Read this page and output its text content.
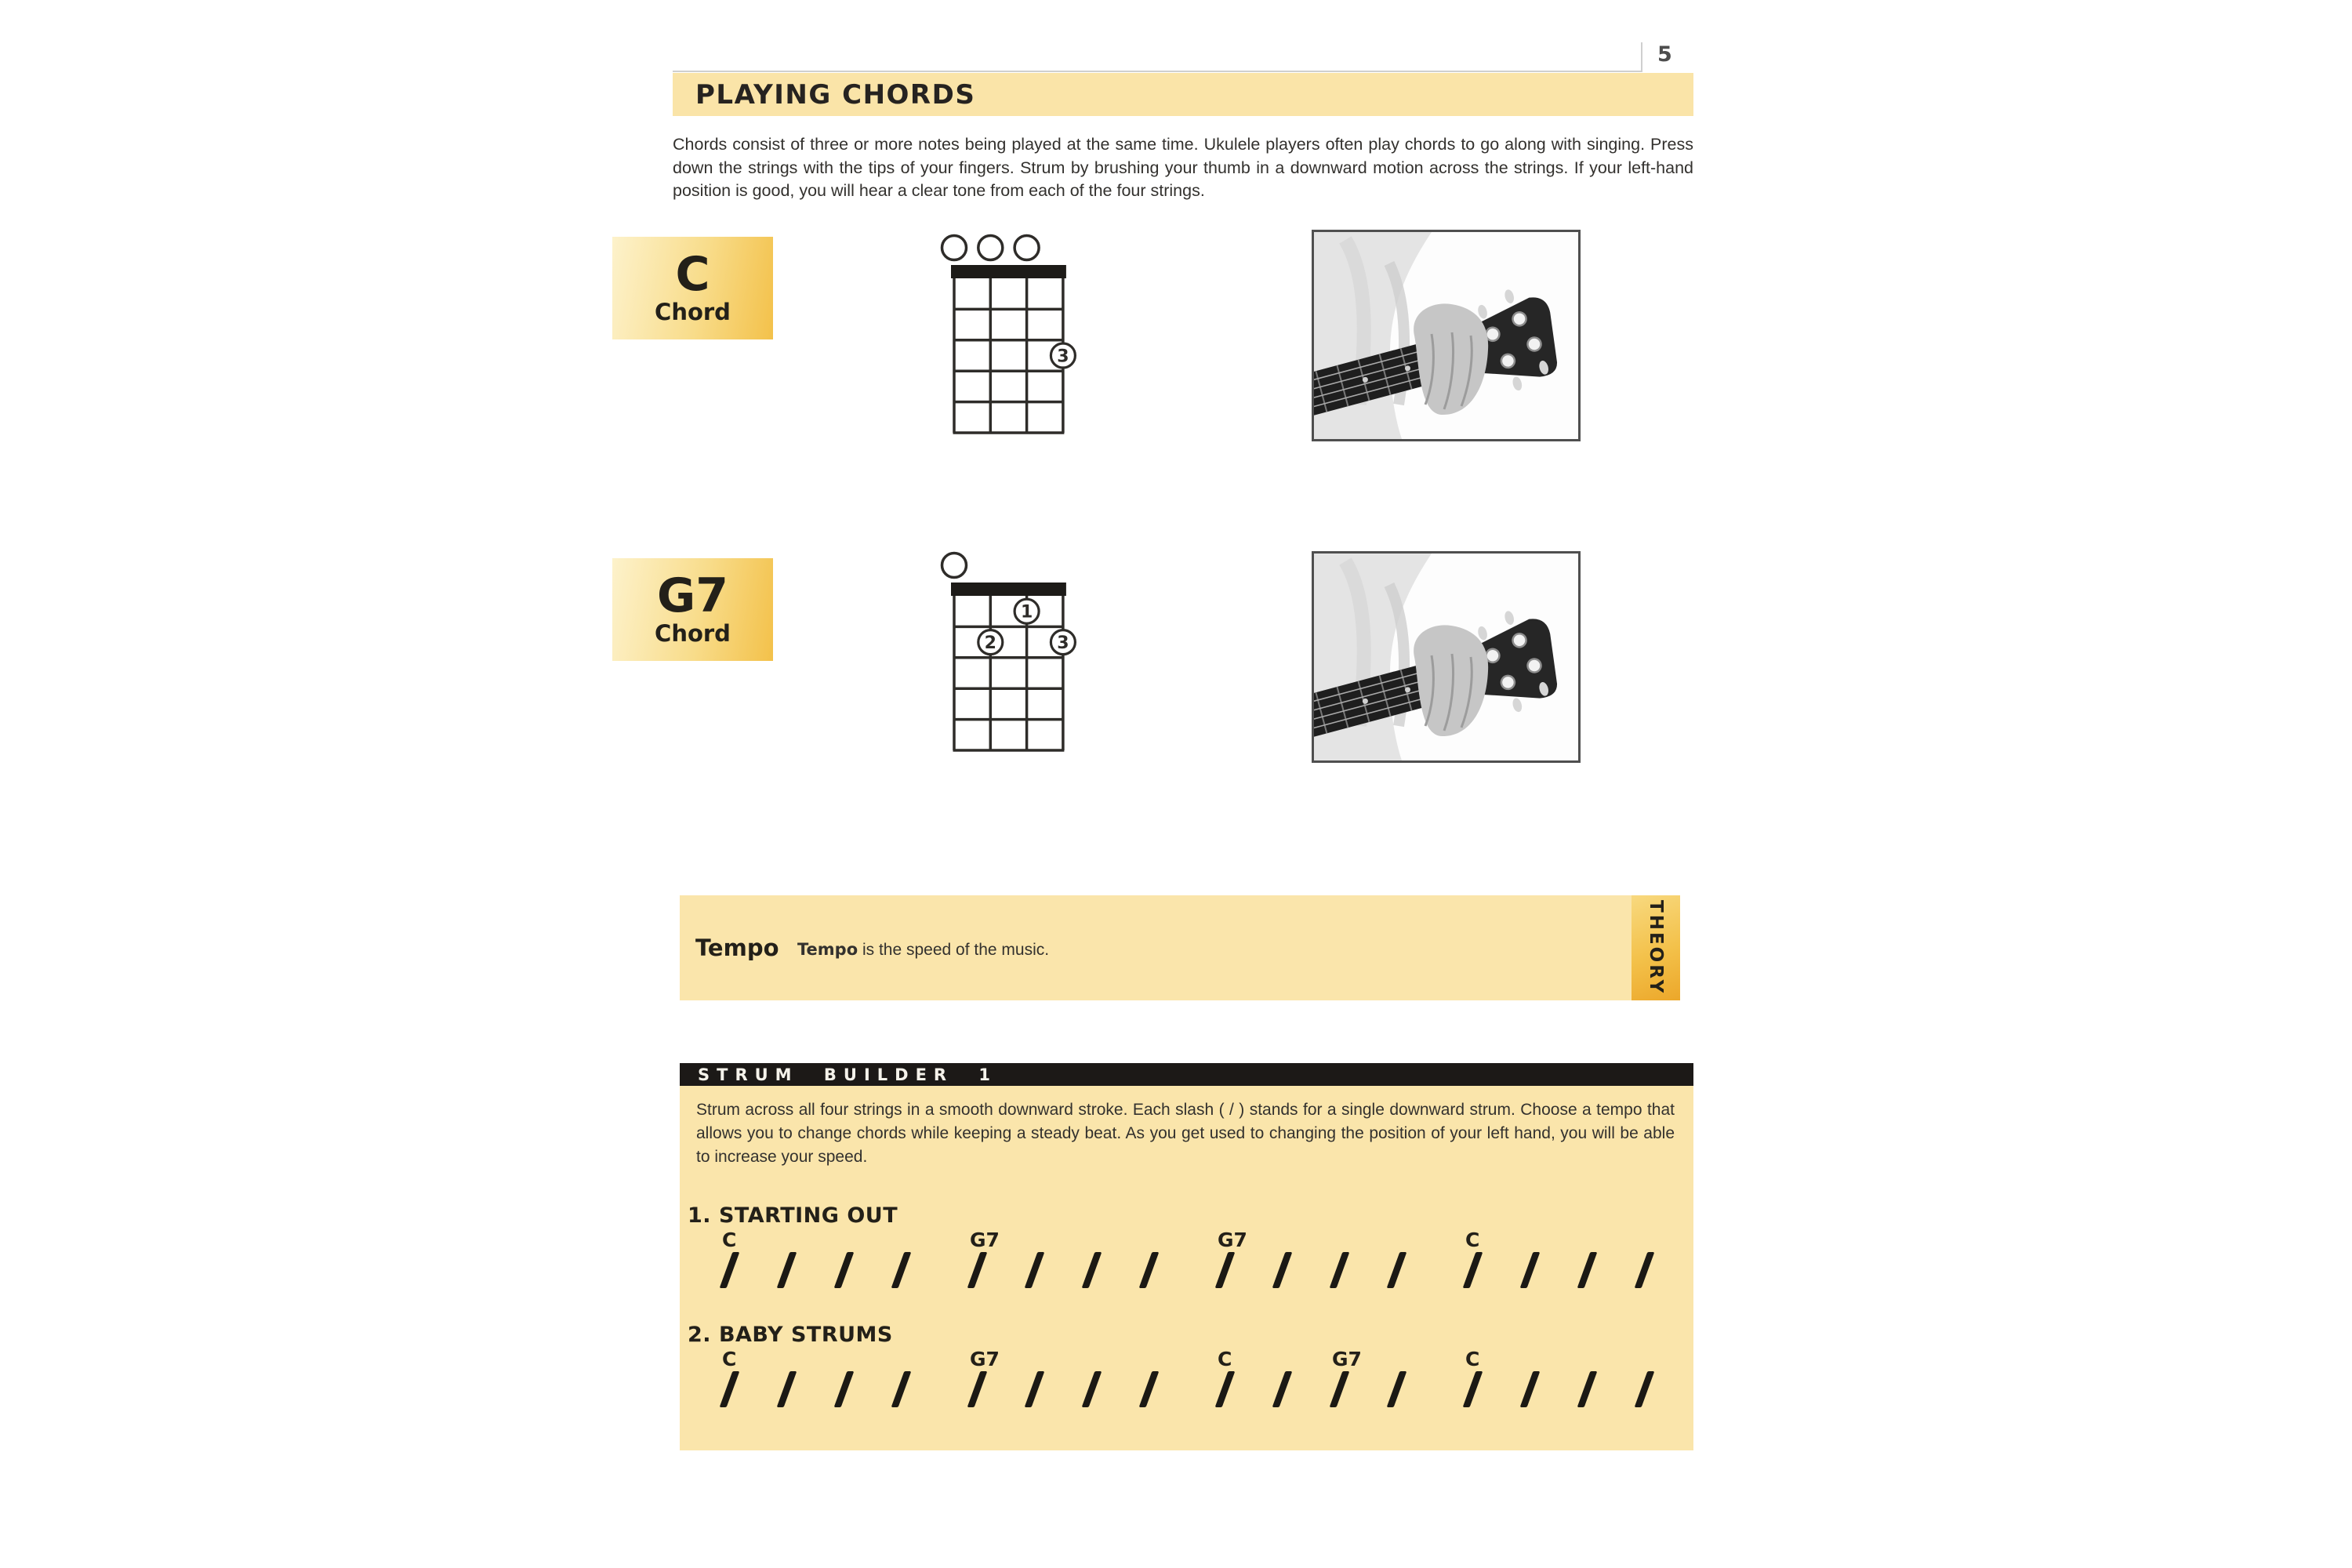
5
PLAYING CHORDS

Chords consist of three or more notes being played at the same time. Ukulele players often play chords to go along with singing. Press down the strings with the tips of your fingers. Strum by brushing your thumb in a downward motion across the strings. If your left-hand position is good, you will hear a clear tone from each of the four strings.

C
Chord
3
G7
Chord
1
2	3
Tempo Tempo is the speed of the music.	THEORY
STRUM BUILDER 1

Strum across all four strings in a smooth downward stroke. Each slash ( / ) stands for a single downward strum. Choose a tempo that allows you to change chords while keeping a steady beat. As you get used to changing the position of your left hand, you will be able to increase your speed.

1. STARTING OUT
C	G7	G7	C
2. BABY STRUMS
C	G7	C	G7	C
